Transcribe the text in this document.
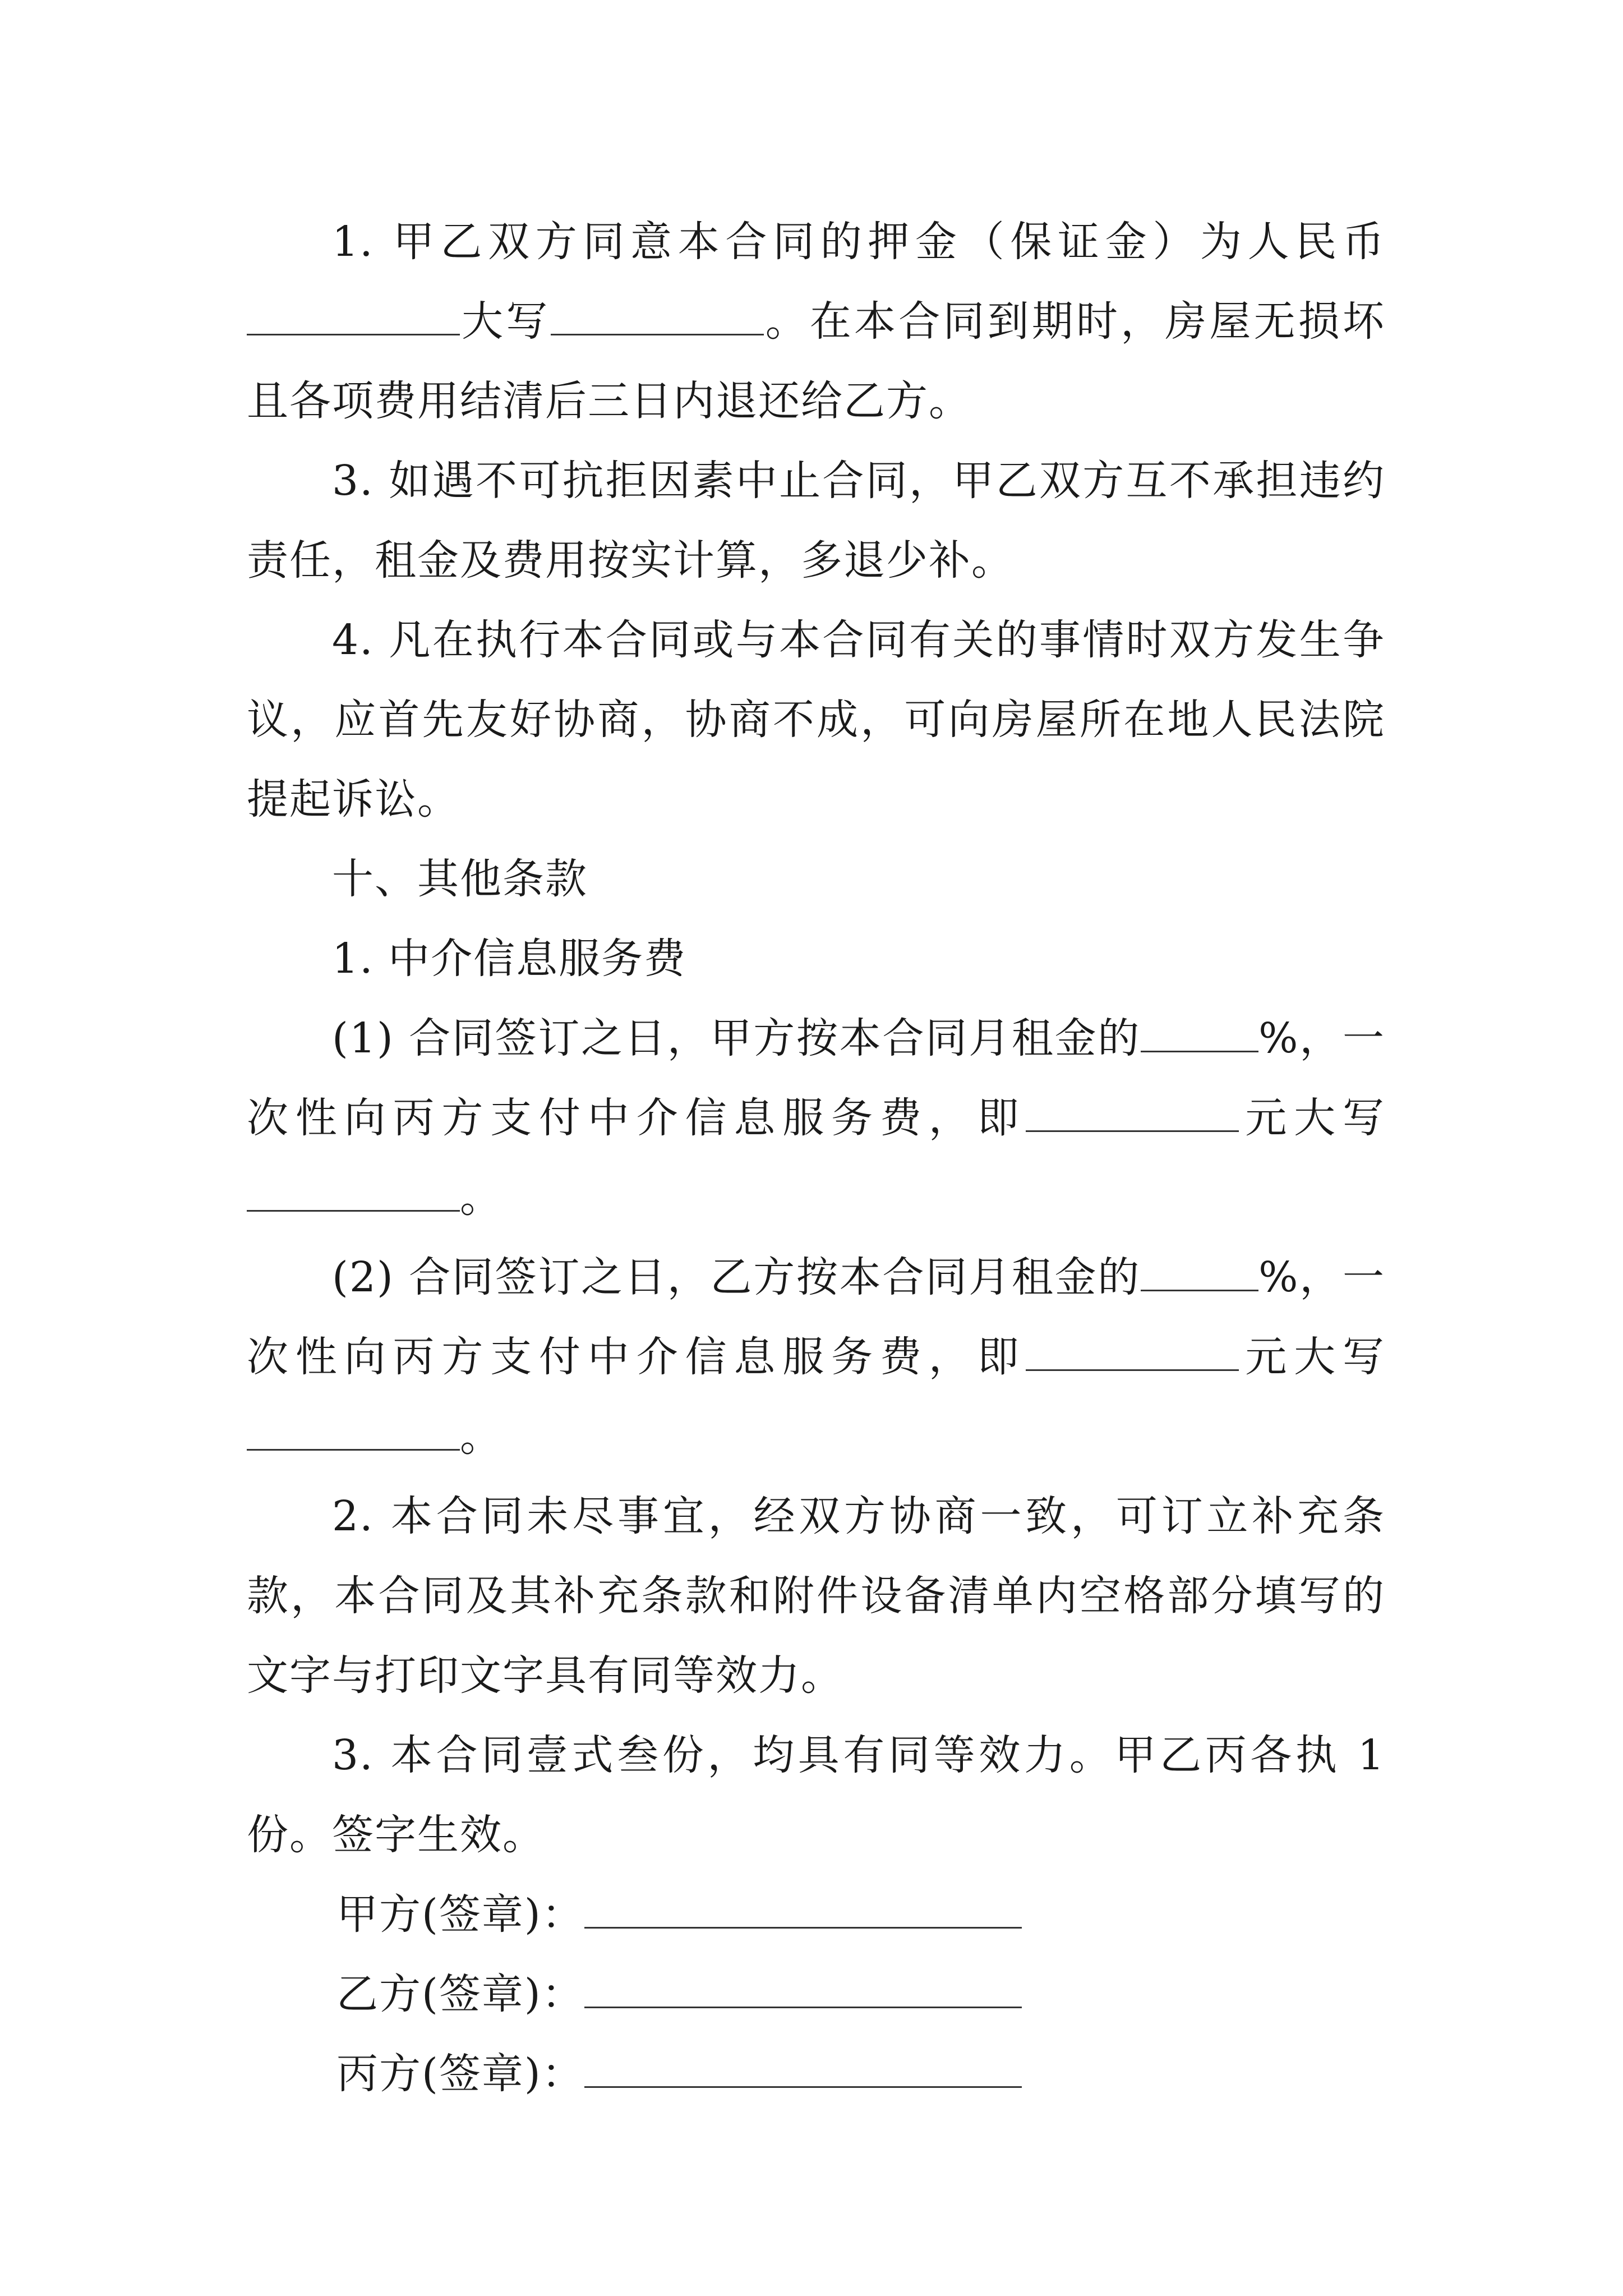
1. 甲乙双方同意本合同的押金（保证金）为人民币大写	。在本合同到期时，房屋无损坏且各项费用结清后三日内退还给乙方。

3. 如遇不可抗拒因素中止合同，甲乙双方互不承担违约责任，租金及费用按实计算，多退少补。

4. 凡在执行本合同或与本合同有关的事情时双方发生争议，应首先友好协商，协商不成，可向房屋所在地人民法院提起诉讼。

十、其他条款

1. 中介信息服务费

(1) 合同签订之日，甲方按本合同月租金的	%，一次性向丙方支付中介信息服务费，即	元大写。

(2) 合同签订之日，乙方按本合同月租金的	%，一次性向丙方支付中介信息服务费，即	元大写。

2. 本合同未尽事宜，经双方协商一致，可订立补充条款，本合同及其补充条款和附件设备清单内空格部分填写的文字与打印文字具有同等效力。

3. 本合同壹式叁份，均具有同等效力。甲乙丙各执 1 份。签字生效。

甲方(签章)：

乙方(签章)：

丙方(签章)：
